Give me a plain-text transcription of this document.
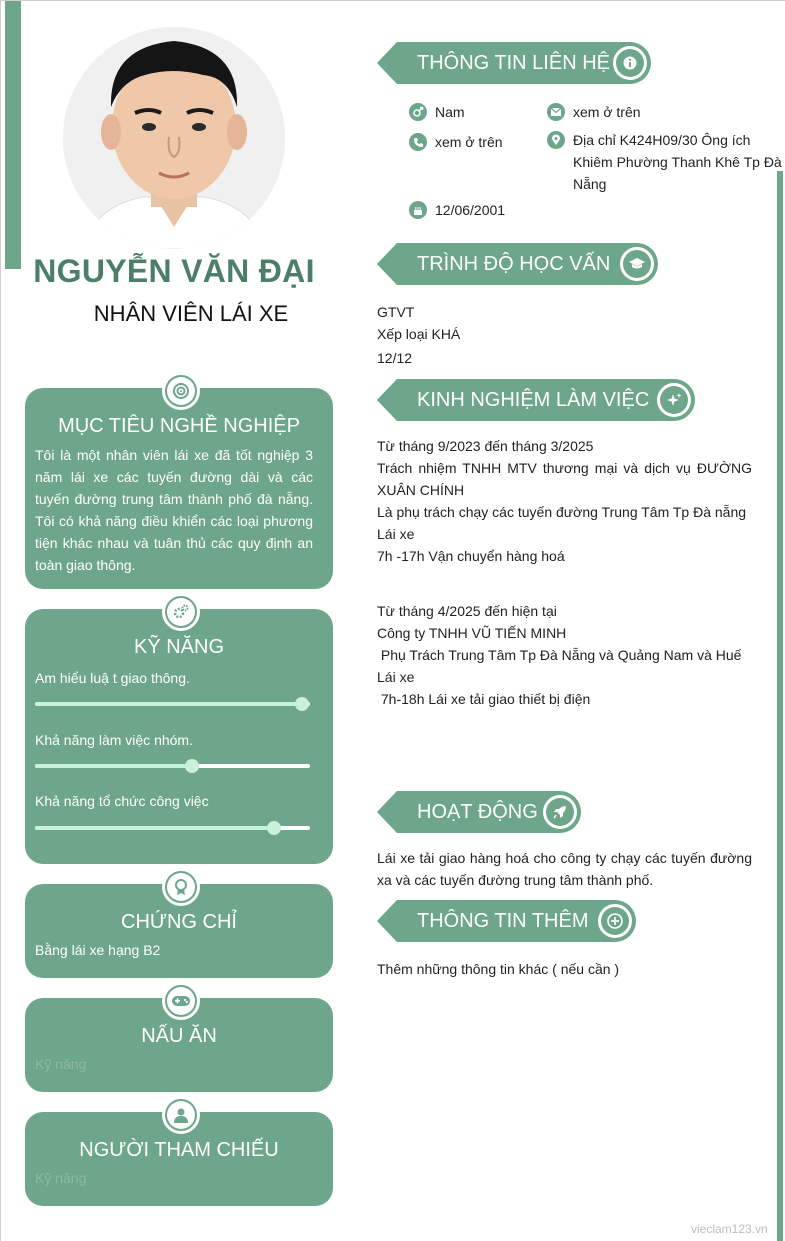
NGUYỄN VĂN ĐẠI
NHÂN VIÊN LÁI XE
MỤC TIÊU NGHỀ NGHIỆP
Tôi là một nhân viên lái xe đã tốt nghiệp 3 năm lái xe các tuyến đường dài và các tuyến đường trung tâm thành phố đà nẵng. Tôi có khả năng điều khiển các loại phương tiện khác nhau và tuân thủ các quy định an toàn giao thông.
KỸ NĂNG
Am hiểu luậ t giao thông.
Khả năng làm việc nhóm.
Khả năng tổ chức công việc
CHỨNG CHỈ
Bằng lái xe hạng B2
NẤU ĂN
Kỹ năng
NGƯỜI THAM CHIẾU
Kỹ năng
THÔNG TIN LIÊN HỆ
Nam	xem ở trên
xem ở trên	Địa chỉ K424H09/30 Ông ích Khiêm Phường Thanh Khê Tp Đà Nẵng
12/06/2001
TRÌNH ĐỘ HỌC VẤN
GTVT
Xếp loại KHÁ
12/12
KINH NGHIỆM LÀM VIỆC
Từ tháng 9/2023 đến tháng 3/2025
Trách nhiệm TNHH MTV thương mại và dịch vụ ĐƯỜNG XUÂN CHÍNH
Là phụ trách chạy các tuyến đường Trung Tâm Tp Đà nẵng
Lái xe
7h -17h Vận chuyển hàng hoá
Từ tháng 4/2025 đến hiện tại
Công ty TNHH VŨ TIẾN MINH
Phụ Trách Trung Tâm Tp Đà Nẵng và Quảng Nam và Huế
Lái xe
7h-18h Lái xe tải giao thiết bị điện
HOẠT ĐỘNG
Lái xe tải giao hàng hoá cho công ty chạy các tuyến đường xa và các tuyến đường trung tâm thành phố.
THÔNG TIN THÊM
Thêm những thông tin khác ( nếu cần )
vieclam123.vn
